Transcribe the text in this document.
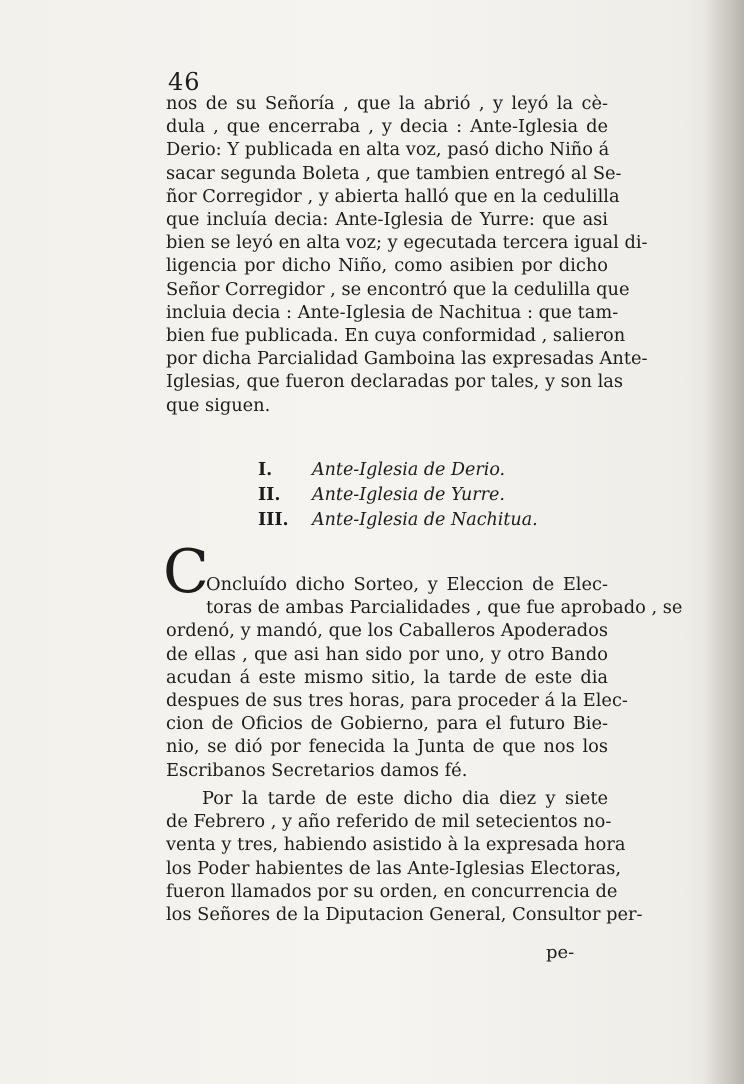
46
nos de su Señoría , que la abrió , y leyó la cè-
dula , que encerraba , y decia : Ante-Iglesia de
Derio: Y publicada en alta voz, pasó dicho Niño á
sacar segunda Boleta , que tambien entregó al Se-
ñor Corregidor , y abierta halló que en la cedulilla
que incluía decia: Ante-Iglesia de Yurre: que asi
bien se leyó en alta voz; y egecutada tercera igual di-
ligencia por dicho Niño, como asibien por dicho
Señor Corregidor , se encontró que la cedulilla que
incluia decia : Ante-Iglesia de Nachitua : que tam-
bien fue publicada. En cuya conformidad , salieron
por dicha Parcialidad Gamboina las expresadas Ante-
Iglesias, que fueron declaradas por tales, y son las
que siguen.
I.	Ante-Iglesia de Derio.
II.	Ante-Iglesia de Yurre.
III.	Ante-Iglesia de Nachitua.
C
Oncluído dicho Sorteo, y Eleccion de Elec-
toras de ambas Parcialidades , que fue aprobado , se
ordenó, y mandó, que los Caballeros Apoderados
de ellas , que asi han sido por uno, y otro Bando
acudan á este mismo sitio, la tarde de este dia
despues de sus tres horas, para proceder á la Elec-
cion de Oficios de Gobierno, para el futuro Bie-
nio, se dió por fenecida la Junta de que nos los
Escribanos Secretarios damos fé.
Por la tarde de este dicho dia diez y siete
de Febrero , y año referido de mil setecientos no-
venta y tres, habiendo asistido à la expresada hora
los Poder habientes de las Ante-Iglesias Electoras,
fueron llamados por su orden, en concurrencia de
los Señores de la Diputacion General, Consultor per-
pe-
